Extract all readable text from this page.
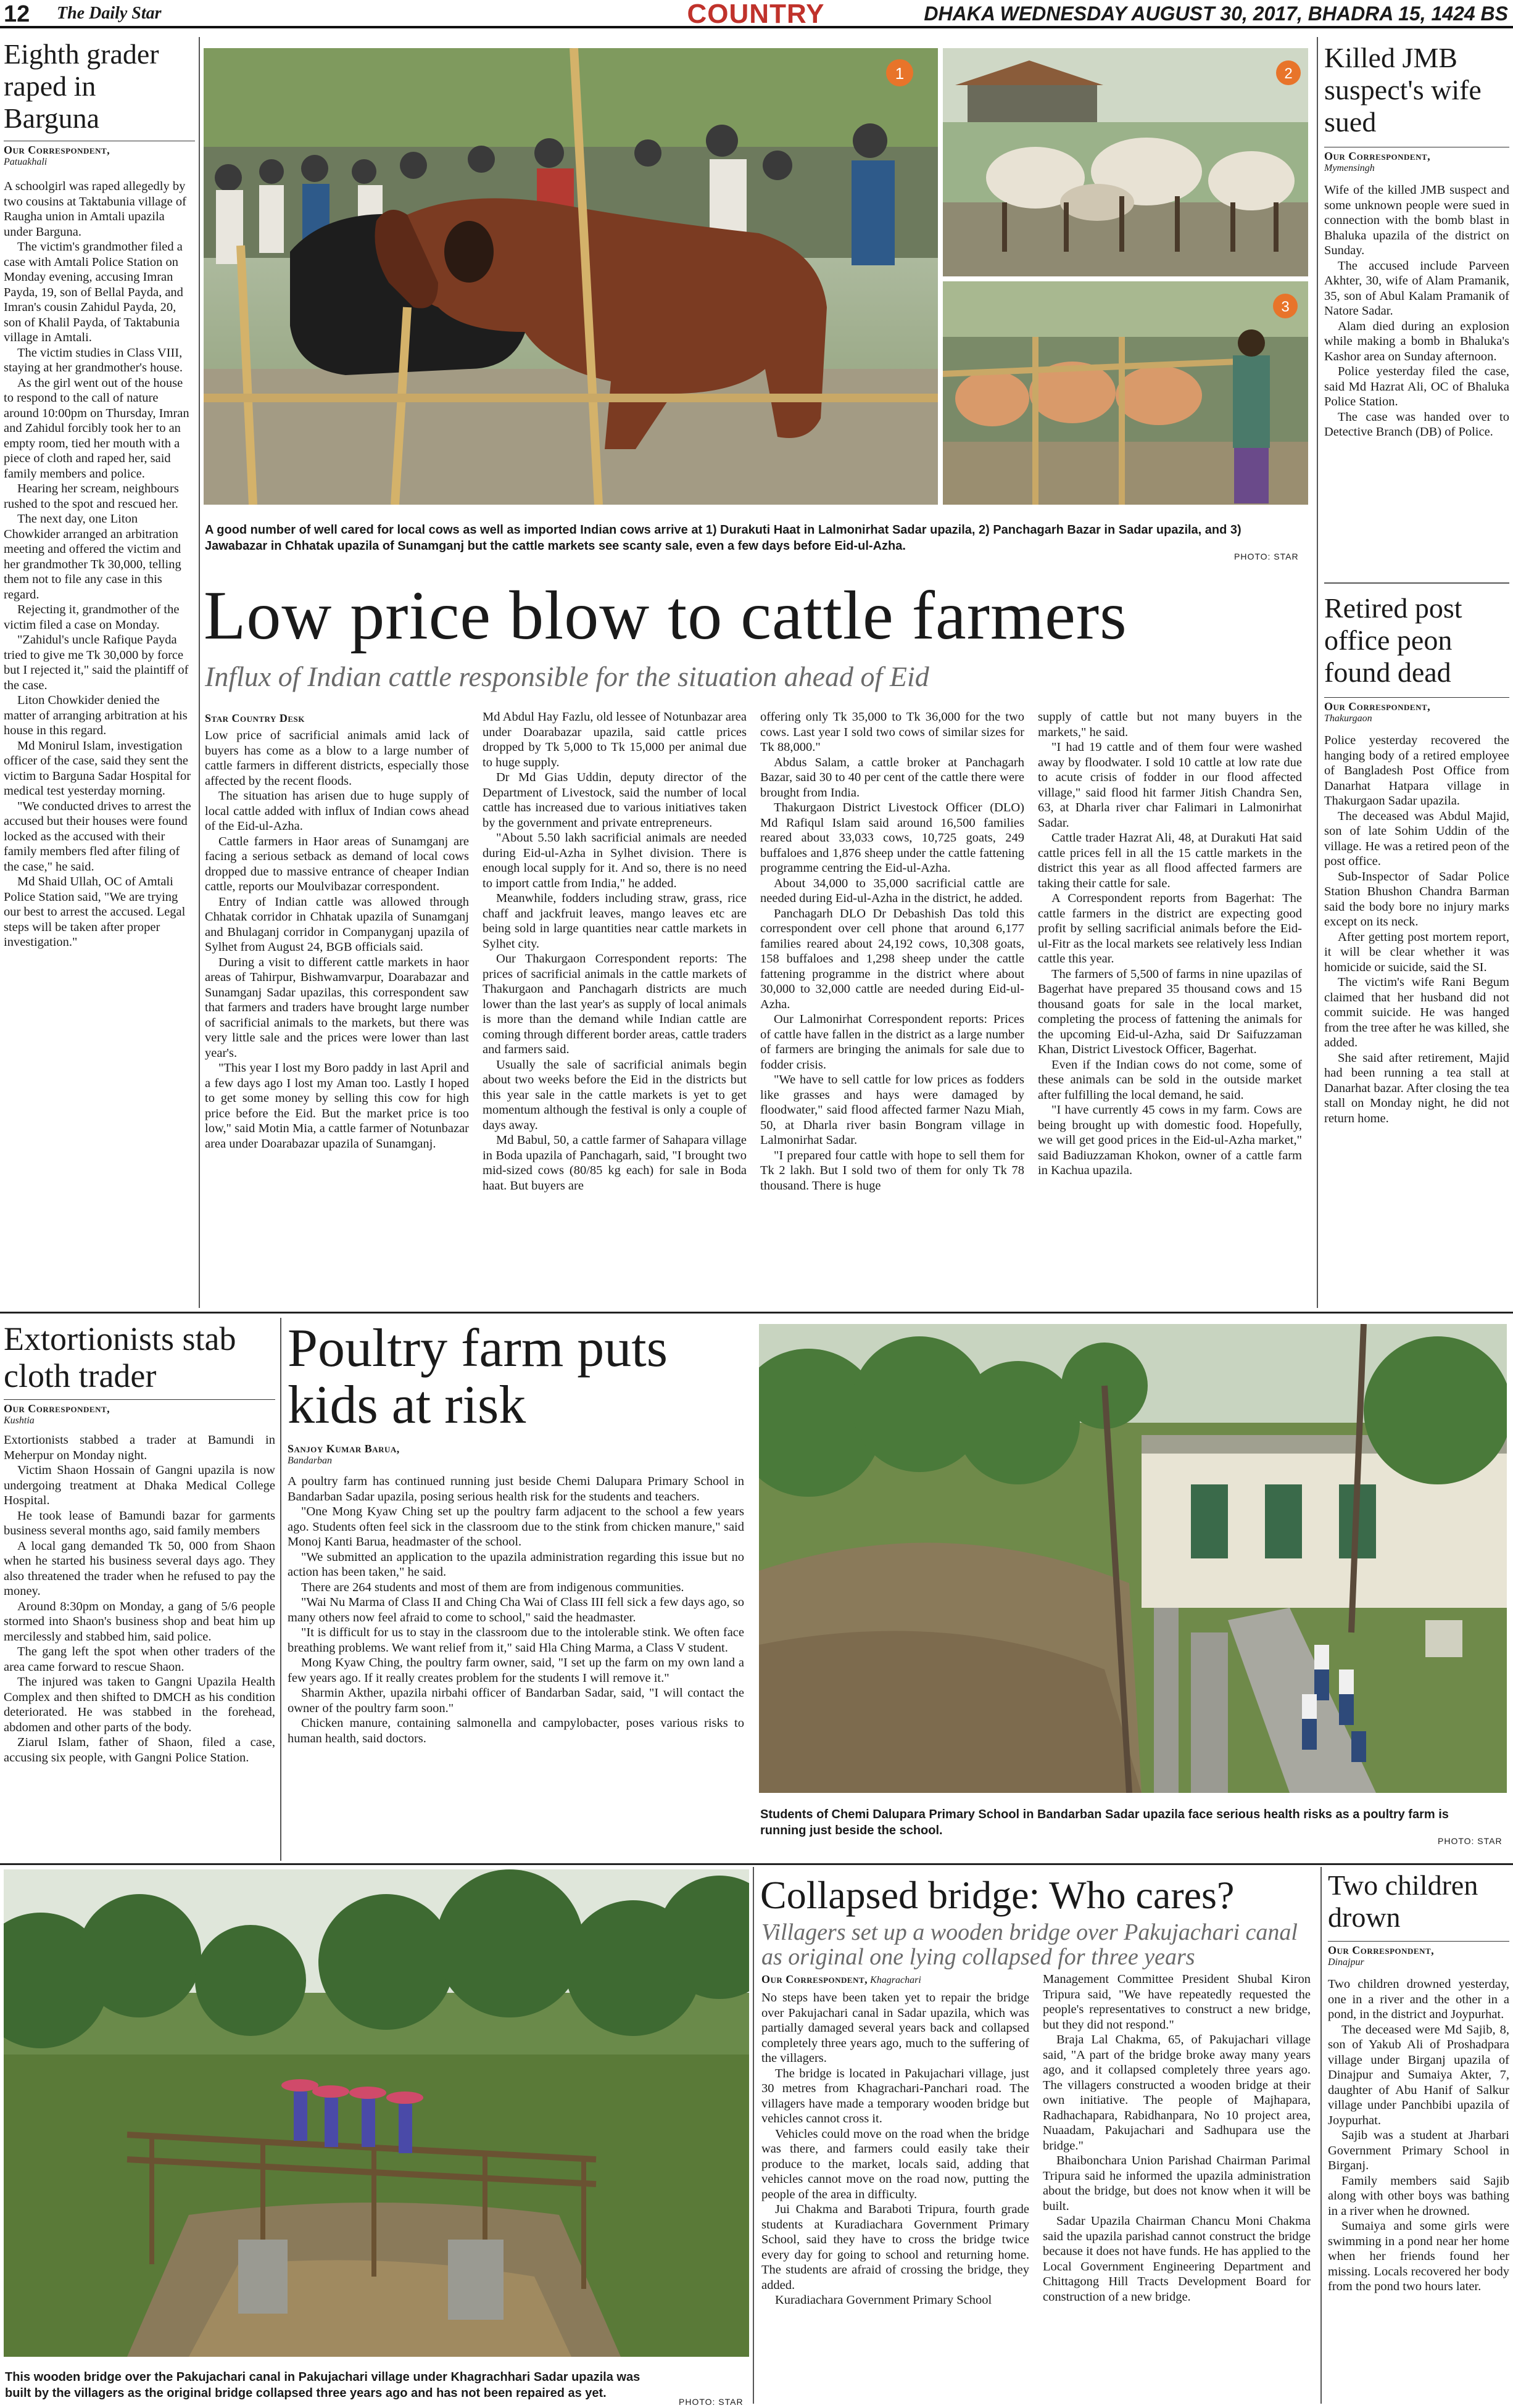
12 The Daily Star	COUNTRY	DHAKA WEDNESDAY AUGUST 30, 2017, BHADRA 15, 1424 BS
Eighth grader raped in Barguna
Our Correspondent,
Patuakhali

A schoolgirl was raped allegedly by two cousins at Taktabunia village of Raugha union in Amtali upazila under Barguna.

The victim's grandmother filed a case with Amtali Police Station on Monday evening, accusing Imran Payda, 19, son of Bellal Payda, and Imran's cousin Zahidul Payda, 20, son of Khalil Payda, of Taktabunia village in Amtali.

The victim studies in Class VIII, staying at her grandmother's house.

As the girl went out of the house to respond to the call of nature around 10:00pm on Thursday, Imran and Zahidul forcibly took her to an empty room, tied her mouth with a piece of cloth and raped her, said family members and police.

Hearing her scream, neighbours rushed to the spot and rescued her.

The next day, one Liton Chowkider arranged an arbitration meeting and offered the victim and her grandmother Tk 30,000, telling them not to file any case in this regard.

Rejecting it, grandmother of the victim filed a case on Monday.

"Zahidul's uncle Rafique Payda tried to give me Tk 30,000 by force but I rejected it," said the plaintiff of the case.

Liton Chowkider denied the matter of arranging arbitration at his house in this regard.

Md Monirul Islam, investigation officer of the case, said they sent the victim to Barguna Sadar Hospital for medical test yesterday morning.

"We conducted drives to arrest the accused but their houses were found locked as the accused with their family members fled after filing of the case," he said.

Md Shaid Ullah, OC of Amtali Police Station said, "We are trying our best to arrest the accused. Legal steps will be taken after proper investigation."

1	2
3
A good number of well cared for local cows as well as imported Indian cows arrive at 1) Durakuti Haat in Lalmonirhat Sadar upazila, 2) Panchagarh Bazar in Sadar upazila, and 3) Jawabazar in Chhatak upazila of Sunamganj but the cattle markets see scanty sale, even a few days before Eid-ul-Azha.
PHOTO: STAR
Low price blow to cattle farmers
Influx of Indian cattle responsible for the situation ahead of Eid
Star Country Desk

Low price of sacrificial animals amid lack of buyers has come as a blow to a large number of cattle farmers in different districts, especially those affected by the recent floods.

The situation has arisen due to huge supply of local cattle added with influx of Indian cows ahead of the Eid-ul-Azha.

Cattle farmers in Haor areas of Sunamganj are facing a serious setback as demand of local cows dropped due to massive entrance of cheaper Indian cattle, reports our Moulvibazar correspondent.

Entry of Indian cattle was allowed through Chhatak corridor in Chhatak upazila of Sunamganj and Bhulaganj corridor in Companyganj upazila of Sylhet from August 24, BGB officials said.

During a visit to different cattle markets in haor areas of Tahirpur, Bishwamvarpur, Doarabazar and Sunamganj Sadar upazilas, this correspondent saw that farmers and traders have brought large number of sacrificial animals to the markets, but there was very little sale and the prices were lower than last year's.

"This year I lost my Boro paddy in last April and a few days ago I lost my Aman too. Lastly I hoped to get some money by selling this cow for high price before the Eid. But the market price is too low," said Motin Mia, a cattle farmer of Notunbazar area under Doarabazar upazila of Sunamganj.

Md Abdul Hay Fazlu, old lessee of Notunbazar area under Doarabazar upazila, said cattle prices dropped by Tk 5,000 to Tk 15,000 per animal due to huge supply.

Dr Md Gias Uddin, deputy director of the Department of Livestock, said the number of local cattle has increased due to various initiatives taken by the government and private entrepreneurs.

"About 5.50 lakh sacrificial animals are needed during Eid-ul-Azha in Sylhet division. There is enough local supply for it. And so, there is no need to import cattle from India," he added.

Meanwhile, fodders including straw, grass, rice chaff and jackfruit leaves, mango leaves etc are being sold in large quantities near cattle markets in Sylhet city.

Our Thakurgaon Correspondent reports: The prices of sacrificial animals in the cattle markets of Thakurgaon and Panchagarh districts are much lower than the last year's as supply of local animals is more than the demand while Indian cattle are coming through different border areas, cattle traders and farmers said.

Usually the sale of sacrificial animals begin about two weeks before the Eid in the districts but this year sale in the cattle markets is yet to get momentum although the festival is only a couple of days away.

Md Babul, 50, a cattle farmer of Sahapara village in Boda upazila of Panchagarh, said, "I brought two mid-sized cows (80/85 kg each) for sale in Boda haat. But buyers are

offering only Tk 35,000 to Tk 36,000 for the two cows. Last year I sold two cows of similar sizes for Tk 88,000."

Abdus Salam, a cattle broker at Panchagarh Bazar, said 30 to 40 per cent of the cattle there were brought from India.

Thakurgaon District Livestock Officer (DLO) Md Rafiqul Islam said around 16,500 families reared about 33,033 cows, 10,725 goats, 249 buffaloes and 1,876 sheep under the cattle fattening programme centring the Eid-ul-Azha.

About 34,000 to 35,000 sacrificial cattle are needed during Eid-ul-Azha in the district, he added.

Panchagarh DLO Dr Debashish Das told this correspondent over cell phone that around 6,177 families reared about 24,192 cows, 10,308 goats, 158 buffaloes and 1,298 sheep under the cattle fattening programme in the district where about 30,000 to 32,000 cattle are needed during Eid-ul-Azha.

Our Lalmonirhat Correspondent reports: Prices of cattle have fallen in the district as a large number of farmers are bringing the animals for sale due to fodder crisis.

"We have to sell cattle for low prices as fodders like grasses and hays were damaged by floodwater," said flood affected farmer Nazu Miah, 50, at Dharla river basin Bongram village in Lalmonirhat Sadar.

"I prepared four cattle with hope to sell them for Tk 2 lakh. But I sold two of them for only Tk 78 thousand. There is huge

supply of cattle but not many buyers in the markets," he said.

"I had 19 cattle and of them four were washed away by floodwater. I sold 10 cattle at low rate due to acute crisis of fodder in our flood affected village," said flood hit farmer Jitish Chandra Sen, 63, at Dharla river char Falimari in Lalmonirhat Sadar.

Cattle trader Hazrat Ali, 48, at Durakuti Hat said cattle prices fell in all the 15 cattle markets in the district this year as all flood affected farmers are taking their cattle for sale.

A Correspondent reports from Bagerhat: The cattle farmers in the district are expecting good profit by selling sacrificial animals before the Eid-ul-Fitr as the local markets see relatively less Indian cattle this year.

The farmers of 5,500 of farms in nine upazilas of Bagerhat have prepared 35 thousand cows and 15 thousand goats for sale in the local market, completing the process of fattening the animals for the upcoming Eid-ul-Azha, said Dr Saifuzzaman Khan, District Livestock Officer, Bagerhat.

Even if the Indian cows do not come, some of these animals can be sold in the outside market after fulfilling the local demand, he said.

"I have currently 45 cows in my farm. Cows are being brought up with domestic food. Hopefully, we will get good prices in the Eid-ul-Azha market," said Badiuzzaman Khokon, owner of a cattle farm in Kachua upazila.

Killed JMB suspect's wife sued
Our Correspondent,
Mymensingh

Wife of the killed JMB suspect and some unknown people were sued in connection with the bomb blast in Bhaluka upazila of the district on Sunday.

The accused include Parveen Akhter, 30, wife of Alam Pramanik, 35, son of Abul Kalam Pramanik of Natore Sadar.

Alam died during an explosion while making a bomb in Bhaluka's Kashor area on Sunday afternoon.

Police yesterday filed the case, said Md Hazrat Ali, OC of Bhaluka Police Station.

The case was handed over to Detective Branch (DB) of Police.

Retired post office peon found dead
Our Correspondent,
Thakurgaon

Police yesterday recovered the hanging body of a retired employee of Bangladesh Post Office from Danarhat Hatpara village in Thakurgaon Sadar upazila.

The deceased was Abdul Majid, son of late Sohim Uddin of the village. He was a retired peon of the post office.

Sub-Inspector of Sadar Police Station Bhushon Chandra Barman said the body bore no injury marks except on its neck.

After getting post mortem report, it will be clear whether it was homicide or suicide, said the SI.

The victim's wife Rani Begum claimed that her husband did not commit suicide. He was hanged from the tree after he was killed, she added.

She said after retirement, Majid had been running a tea stall at Danarhat bazar. After closing the tea stall on Monday night, he did not return home.

Extortionists stab cloth trader
Our Correspondent,
Kushtia

Extortionists stabbed a trader at Bamundi in Meherpur on Monday night.

Victim Shaon Hossain of Gangni upazila is now undergoing treatment at Dhaka Medical College Hospital.

He took lease of Bamundi bazar for garments business several months ago, said family members

A local gang demanded Tk 50, 000 from Shaon when he started his business several days ago. They also threatened the trader when he refused to pay the money.

Around 8:30pm on Monday, a gang of 5/6 people stormed into Shaon's business shop and beat him up mercilessly and stabbed him, said police.

The gang left the spot when other traders of the area came forward to rescue Shaon.

The injured was taken to Gangni Upazila Health Complex and then shifted to DMCH as his condition deteriorated. He was stabbed in the forehead, abdomen and other parts of the body.

Ziarul Islam, father of Shaon, filed a case, accusing six people, with Gangni Police Station.

Poultry farm puts kids at risk
Sanjoy Kumar Barua,
Bandarban

A poultry farm has continued running just beside Chemi Dalupara Primary School in Bandarban Sadar upazila, posing serious health risk for the students and teachers.

"One Mong Kyaw Ching set up the poultry farm adjacent to the school a few years ago. Students often feel sick in the classroom due to the stink from chicken manure," said Monoj Kanti Barua, headmaster of the school.

"We submitted an application to the upazila administration regarding this issue but no action has been taken," he said.

There are 264 students and most of them are from indigenous communities.

"Wai Nu Marma of Class II and Ching Cha Wai of Class III fell sick a few days ago, so many others now feel afraid to come to school," said the headmaster.

"It is difficult for us to stay in the classroom due to the intolerable stink. We often face breathing problems. We want relief from it," said Hla Ching Marma, a Class V student.

Mong Kyaw Ching, the poultry farm owner, said, "I set up the farm on my own land a few years ago. If it really creates problem for the students I will remove it."

Sharmin Akther, upazila nirbahi officer of Bandarban Sadar, said, "I will contact the owner of the poultry farm soon."

Chicken manure, containing salmonella and campylobacter, poses various risks to human health, said doctors.

Students of Chemi Dalupara Primary School in Bandarban Sadar upazila face serious health risks as a poultry farm is running just beside the school.
PHOTO: STAR
This wooden bridge over the Pakujachari canal in Pakujachari village under Khagrachhari Sadar upazila was built by the villagers as the original bridge collapsed three years ago and has not been repaired as yet.
PHOTO: STAR
Collapsed bridge: Who cares?
Villagers set up a wooden bridge over Pakujachari canal as original one lying collapsed for three years
Our Correspondent, Khagrachari

No steps have been taken yet to repair the bridge over Pakujachari canal in Sadar upazila, which was partially damaged several years back and collapsed completely three years ago, much to the suffering of the villagers.

The bridge is located in Pakujachari village, just 30 metres from Khagrachari-Panchari road. The villagers have made a temporary wooden bridge but vehicles cannot cross it.

Vehicles could move on the road when the bridge was there, and farmers could easily take their produce to the market, locals said, adding that vehicles cannot move on the road now, putting the people of the area in difficulty.

Jui Chakma and Baraboti Tripura, fourth grade students at Kuradiachara Government Primary School, said they have to cross the bridge twice every day for going to school and returning home. The students are afraid of crossing the bridge, they added.

Kuradiachara Government Primary School

Management Committee President Shubal Kiron Tripura said, "We have repeatedly requested the people's representatives to construct a new bridge, but they did not respond."

Braja Lal Chakma, 65, of Pakujachari village said, "A part of the bridge broke away many years ago, and it collapsed completely three years ago. The villagers constructed a wooden bridge at their own initiative. The people of Majhapara, Radhachapara, Rabidhanpara, No 10 project area, Nuaadam, Pakujachari and Sadhupara use the bridge."

Bhaibonchara Union Parishad Chairman Parimal Tripura said he informed the upazila administration about the bridge, but does not know when it will be built.

Sadar Upazila Chairman Chancu Moni Chakma said the upazila parishad cannot construct the bridge because it does not have funds. He has applied to the Local Government Engineering Department and Chittagong Hill Tracts Development Board for construction of a new bridge.

Two children drown
Our Correspondent,
Dinajpur

Two children drowned yesterday, one in a river and the other in a pond, in the district and Joypurhat.

The deceased were Md Sajib, 8, son of Yakub Ali of Proshadpara village under Birganj upazila of Dinajpur and Sumaiya Akter, 7, daughter of Abu Hanif of Salkur village under Panchbibi upazila of Joypurhat.

Sajib was a student at Jharbari Government Primary School in Birganj.

Family members said Sajib along with other boys was bathing in a river when he drowned.

Sumaiya and some girls were swimming in a pond near her home when her friends found her missing. Locals recovered her body from the pond two hours later.
